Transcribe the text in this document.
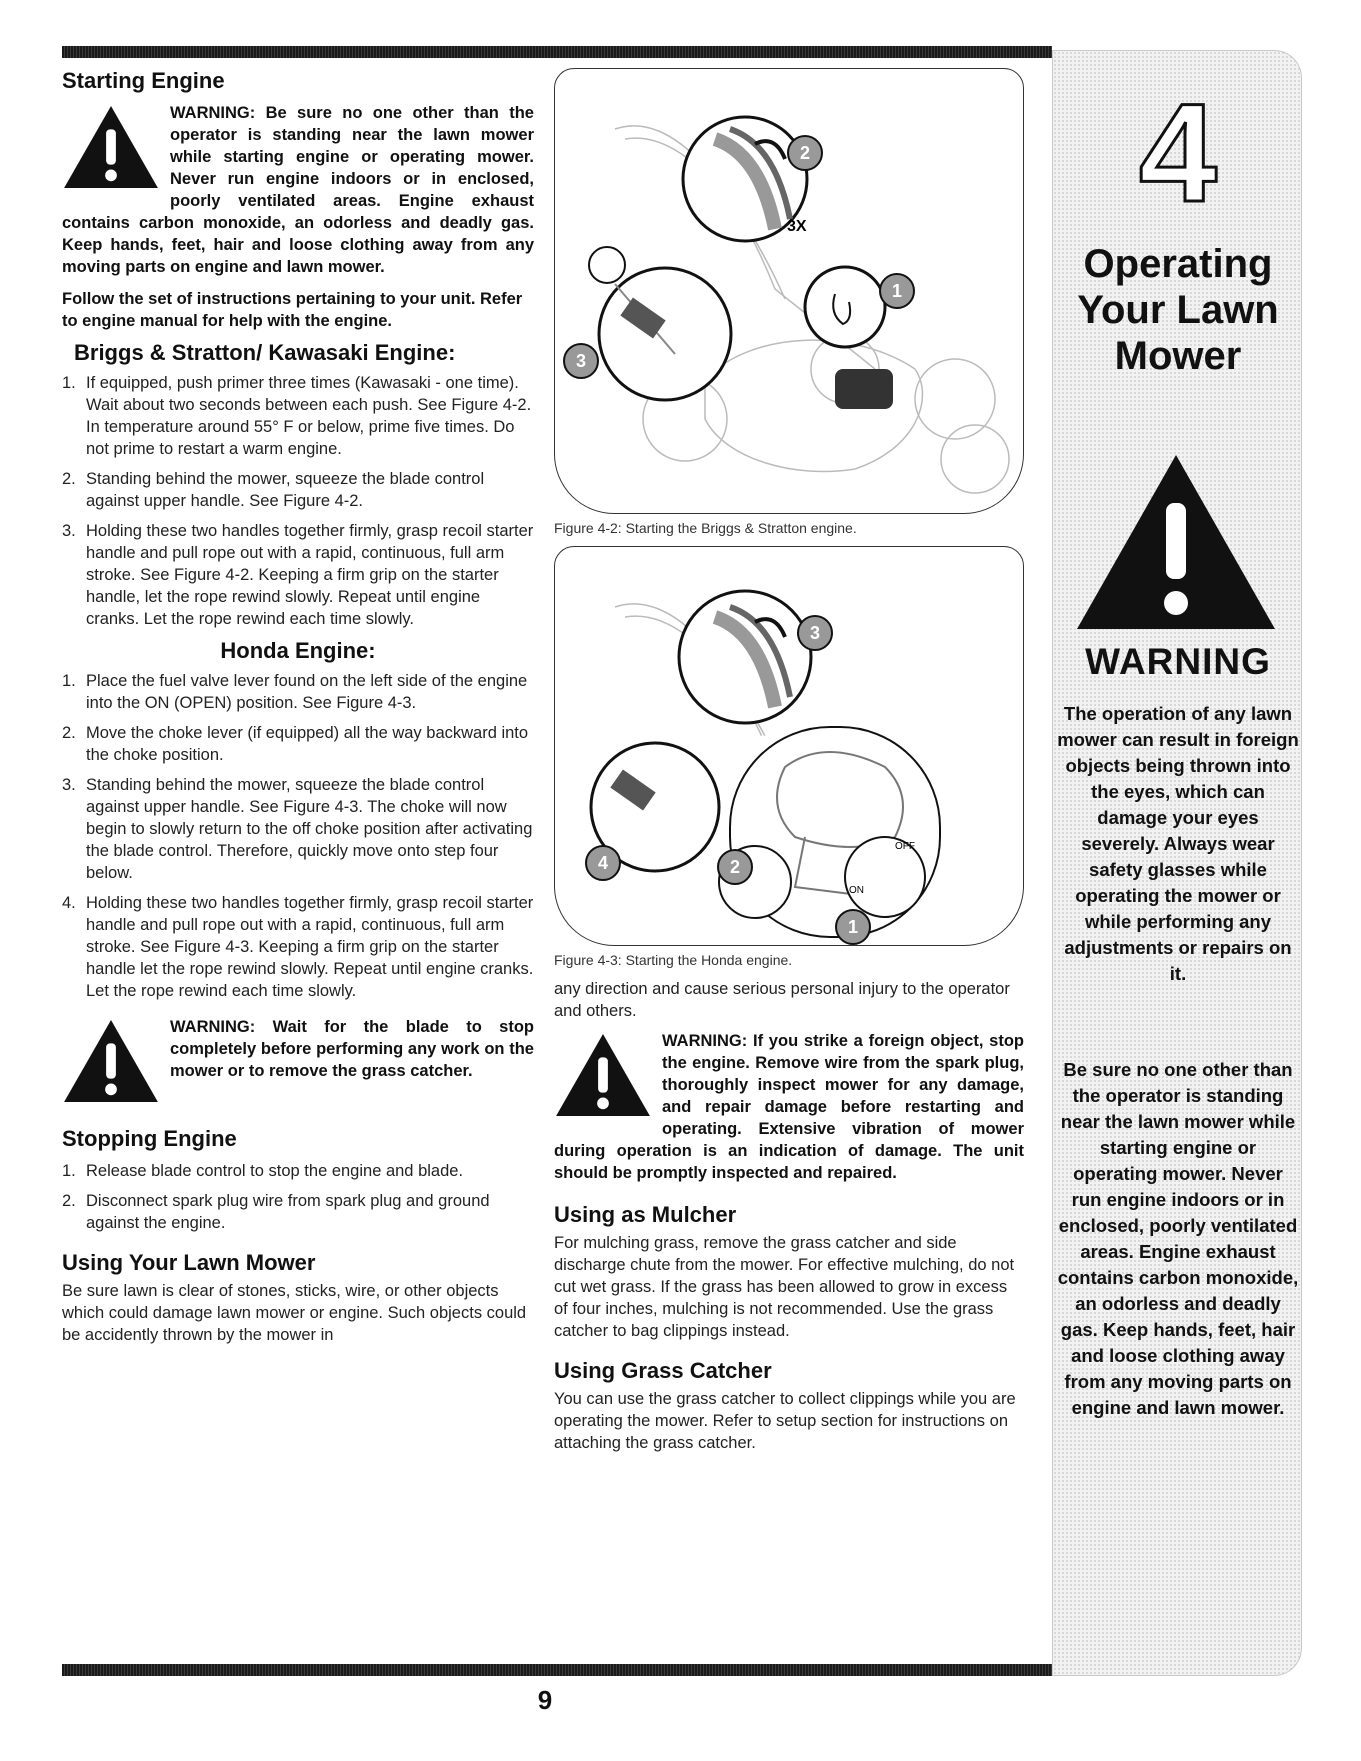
Starting Engine
WARNING: Be sure no one other than the operator is standing near the lawn mower while starting engine or operating mower. Never run engine indoors or in enclosed, poorly ventilated areas. Engine exhaust contains carbon monoxide, an odorless and deadly gas. Keep hands, feet, hair and loose clothing away from any moving parts on engine and lawn mower.

Follow the set of instructions pertaining to your unit. Refer to engine manual for help with the engine.

Briggs & Stratton/ Kawasaki Engine:
1. If equipped, push primer three times (Kawasaki - one time). Wait about two seconds between each push. See Figure 4-2. In temperature around 55° F or below, prime five times. Do not prime to restart a warm engine.
2. Standing behind the mower, squeeze the blade control against upper handle. See Figure 4-2.
3. Holding these two handles together firmly, grasp recoil starter handle and pull rope out with a rapid, continuous, full arm stroke. See Figure 4-2. Keeping a firm grip on the starter handle, let the rope rewind slowly. Repeat until engine cranks. Let the rope rewind each time slowly.
Honda Engine:
1. Place the fuel valve lever found on the left side of the engine into the ON (OPEN) position. See Figure 4-3.
2. Move the choke lever (if equipped) all the way backward into the choke position.
3. Standing behind the mower, squeeze the blade control against upper handle. See Figure 4-3. The choke will now begin to slowly return to the off choke position after activating the blade control. Therefore, quickly move onto step four below.
4. Holding these two handles together firmly, grasp recoil starter handle and pull rope out with a rapid, continuous, full arm stroke. See Figure 4-3. Keeping a firm grip on the starter handle let the rope rewind slowly. Repeat until engine cranks. Let the rope rewind each time slowly.
WARNING: Wait for the blade to stop completely before performing any work on the mower or to remove the grass catcher.
Stopping Engine
1. Release blade control to stop the engine and blade.
2. Disconnect spark plug wire from spark plug and ground against the engine.
Using Your Lawn Mower

Be sure lawn is clear of stones, sticks, wire, or other objects which could damage lawn mower or engine. Such objects could be accidently thrown by the mower in

3X
2
1
3

Figure 4-2: Starting the Briggs & Stratton engine.

OFF
ON
3
2
1
4

Figure 4-3: Starting the Honda engine.

any direction and cause serious personal injury to the operator and others.

WARNING: If you strike a foreign object, stop the engine. Remove wire from the spark plug, thoroughly inspect mower for any damage, and repair damage before restarting and operating. Extensive vibration of mower during operation is an indication of damage. The unit should be promptly inspected and repaired.
Using as Mulcher

For mulching grass, remove the grass catcher and side discharge chute from the mower. For effective mulching, do not cut wet grass. If the grass has been allowed to grow in excess of four inches, mulching is not recommended. Use the grass catcher to bag clippings instead.

Using Grass Catcher

You can use the grass catcher to collect clippings while you are operating the mower. Refer to setup section for instructions on attaching the grass catcher.

4
Operating
Your Lawn
Mower
WARNING
The operation of any lawn mower can result in foreign objects being thrown into the eyes, which can damage your eyes severely. Always wear safety glasses while operating the mower or while performing any adjustments or repairs on it.
Be sure no one other than the operator is standing near the lawn mower while starting engine or operating mower. Never run engine indoors or in enclosed, poorly ventilated areas. Engine exhaust contains carbon monoxide, an odorless and deadly gas. Keep hands, feet, hair and loose clothing away from any moving parts on engine and lawn mower.
9
